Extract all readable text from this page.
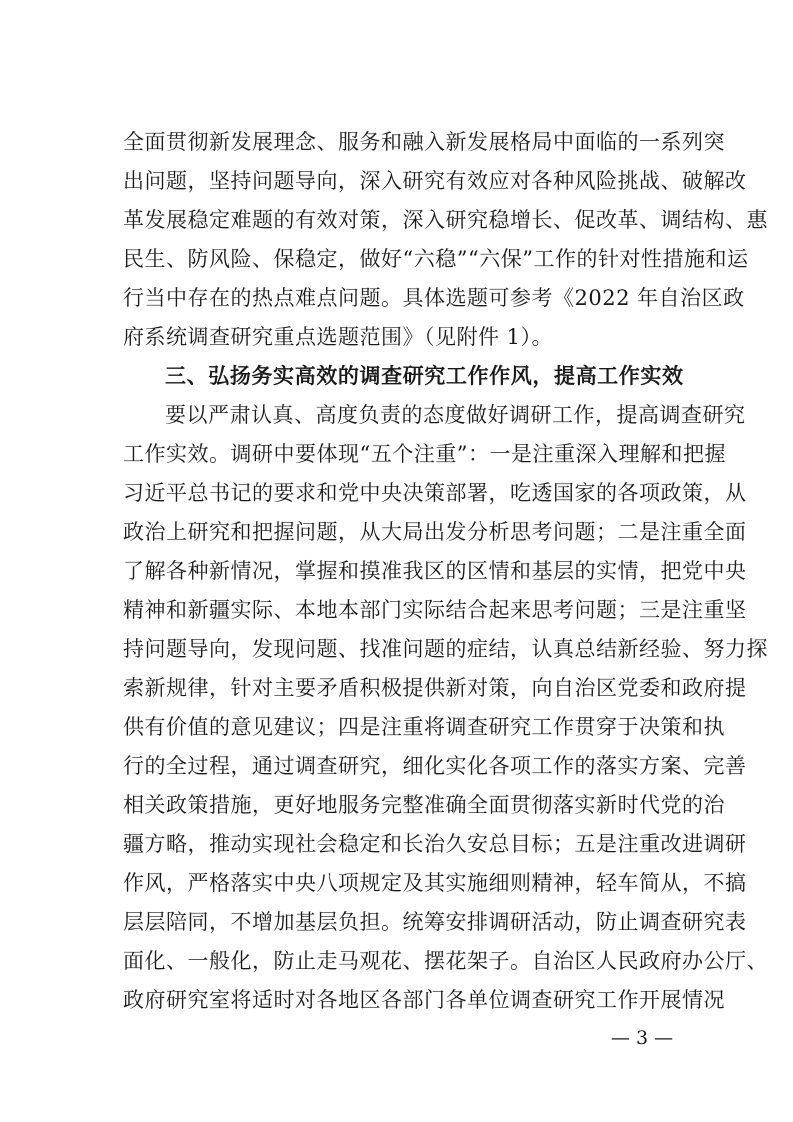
全面贯彻新发展理念、服务和融入新发展格局中面临的一系列突
出问题，坚持问题导向，深入研究有效应对各种风险挑战、破解改
革发展稳定难题的有效对策，深入研究稳增长、促改革、调结构、惠
民生、防风险、保稳定，做好“六稳”“六保”工作的针对性措施和运
行当中存在的热点难点问题。具体选题可参考《2022 年自治区政
府系统调查研究重点选题范围》（见附件 1）。
三、弘扬务实高效的调查研究工作作风，提高工作实效
要以严肃认真、高度负责的态度做好调研工作，提高调查研究
工作实效。调研中要体现“五个注重”：一是注重深入理解和把握
习近平总书记的要求和党中央决策部署，吃透国家的各项政策，从
政治上研究和把握问题，从大局出发分析思考问题；二是注重全面
了解各种新情况，掌握和摸准我区的区情和基层的实情，把党中央
精神和新疆实际、本地本部门实际结合起来思考问题；三是注重坚
持问题导向，发现问题、找准问题的症结，认真总结新经验、努力探
索新规律，针对主要矛盾积极提供新对策，向自治区党委和政府提
供有价值的意见建议；四是注重将调查研究工作贯穿于决策和执
行的全过程，通过调查研究，细化实化各项工作的落实方案、完善
相关政策措施，更好地服务完整准确全面贯彻落实新时代党的治
疆方略，推动实现社会稳定和长治久安总目标；五是注重改进调研
作风，严格落实中央八项规定及其实施细则精神，轻车简从，不搞
层层陪同，不增加基层负担。统筹安排调研活动，防止调查研究表
面化、一般化，防止走马观花、摆花架子。自治区人民政府办公厅、
政府研究室将适时对各地区各部门各单位调查研究工作开展情况
— 3 —
